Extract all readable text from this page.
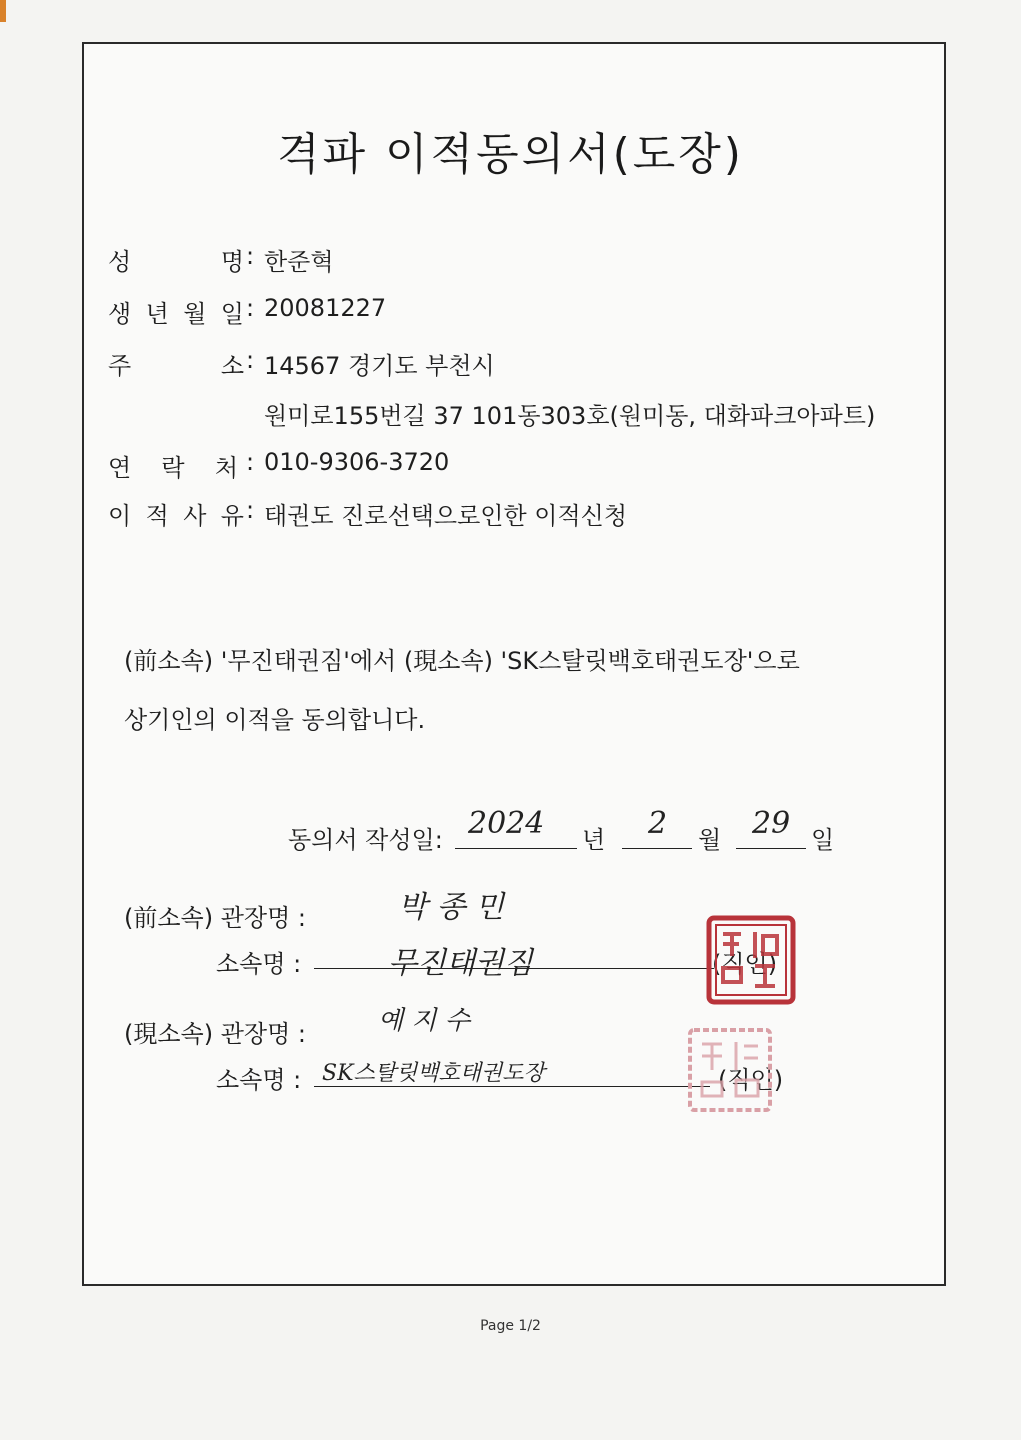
격파 이적동의서(도장)
성	명 : 한준혁
생 년 월 일 : 20081227
주	소 : 14567 경기도 부천시
원미로155번길 37 101동303호(원미동, 대화파크아파트)
연 락 처 : 010-9306-3720
이 적 사 유 : 태권도 진로선택으로인한 이적신청
(前소속) '무진태권짐'에서 (現소속) 'SK스탈릿백호태권도장'으로
상기인의 이적을 동의합니다.
동의서 작성일: 2024 년 2 월 29 일
(前소속) 관장명 :	박 종 민
소속명 :	무진태권짐	(직인)
(現소속) 관장명 :	예 지 수
소속명 : SK스탈릿백호태권도장	(직인)
Page 1/2
